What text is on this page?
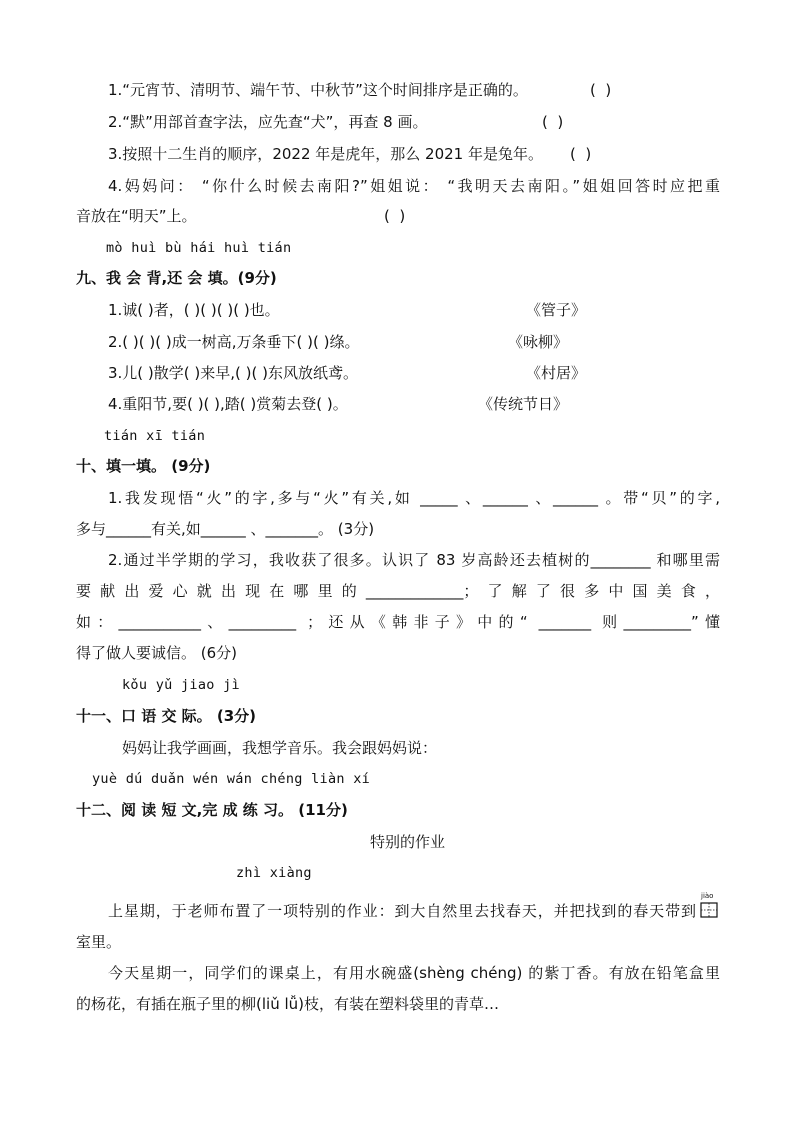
1.“元宵节、清明节、端午节、中秋节”这个时间排序是正确的。	(  )
2.“默”用部首查字法，应先查“犬”，再查 8 画。	(  )
3.按照十二生肖的顺序，2022 年是虎年，那么 2021 年是兔年。 (  )
4.妈妈问： “你什么时候去南阳?”姐姐说： “我明天去南阳。”姐姐回答时应把重
音放在“明天”上。	(  )
mò huì bù hái huì tián
九、我 会 背,还 会 填。(9分)
1.诚( )者，( )( )( )( )也。	《管子》
2.( )( )( )成一树高,万条垂下( )( )绦。	《咏柳》
3.儿( )散学( )来早,( )( )东风放纸鸢。	《村居》
4.重阳节,要( )( ),踏( )赏菊去登( )。	《传统节日》
tián xī tián
十、填一填。 (9分)
1.我发现悟“火”的字,多与“火”有关,如 _____ 、______ 、______ 。带“贝”的字,
多与______有关,如______ 、_______。 (3分)
2.通过半学期的学习，我收获了很多。认识了 83 岁高龄还去植树的________ 和哪里需
要献出爱心就出现在哪里的_____________；了解了很多中国美食，
如：___________、_________ ；还从《韩非子》中的“ _______ 则_________”懂
得了做人要诚信。 (6分)
kǒu yǔ jiao jì
十一、口 语 交 际。 (3分)
妈妈让我学画画，我想学音乐。我会跟妈妈说：
yuè dú duǎn wén wán chéng liàn xí
十二、阅 读 短 文,完 成 练 习。 (11分)
特别的作业
zhì xiàng
上星期，于老师布置了一项特别的作业：到大自然里去找春天，并把找到的春天带到
jiào
室里。
今天星期一，同学们的课桌上，有用水碗盛(shèng chéng) 的紫丁香。有放在铅笔盒里
的杨花，有插在瓶子里的柳(liǔ lǚ)枝，有装在塑料袋里的青草…
